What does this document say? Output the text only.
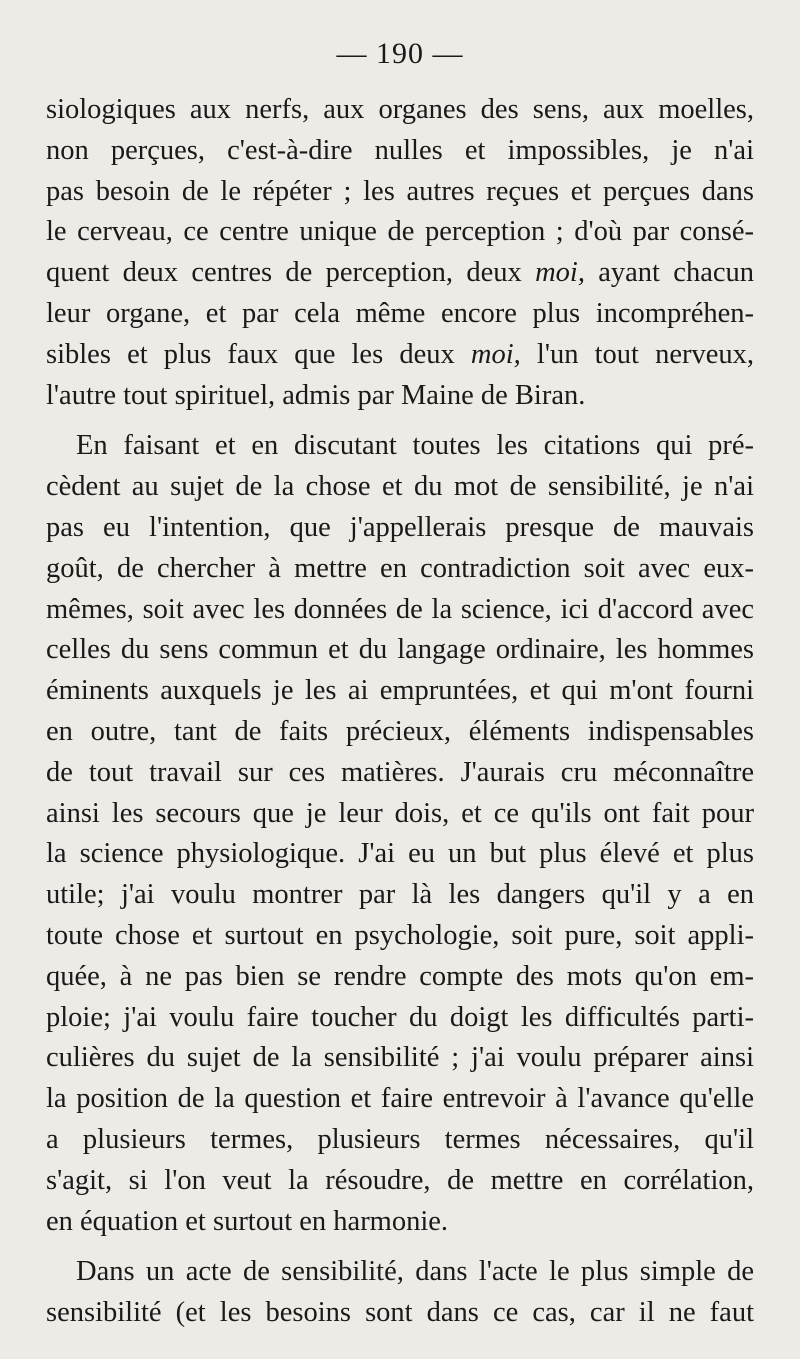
— 190 —
siologiques aux nerfs, aux organes des sens, aux moelles,
non perçues, c'est-à-dire nulles et impossibles, je n'ai
pas besoin de le répéter ; les autres reçues et perçues dans
le cerveau, ce centre unique de perception ; d'où par consé-
quent deux centres de perception, deux moi, ayant chacun
leur organe, et par cela même encore plus incompréhen-
sibles et plus faux que les deux moi, l'un tout nerveux,
l'autre tout spirituel, admis par Maine de Biran.
En faisant et en discutant toutes les citations qui pré-
cèdent au sujet de la chose et du mot de sensibilité, je n'ai
pas eu l'intention, que j'appellerais presque de mauvais
goût, de chercher à mettre en contradiction soit avec eux-
mêmes, soit avec les données de la science, ici d'accord avec
celles du sens commun et du langage ordinaire, les hommes
éminents auxquels je les ai empruntées, et qui m'ont fourni
en outre, tant de faits précieux, éléments indispensables
de tout travail sur ces matières. J'aurais cru méconnaître
ainsi les secours que je leur dois, et ce qu'ils ont fait pour
la science physiologique. J'ai eu un but plus élevé et plus
utile; j'ai voulu montrer par là les dangers qu'il y a en
toute chose et surtout en psychologie, soit pure, soit appli-
quée, à ne pas bien se rendre compte des mots qu'on em-
ploie; j'ai voulu faire toucher du doigt les difficultés parti-
culières du sujet de la sensibilité ; j'ai voulu préparer ainsi
la position de la question et faire entrevoir à l'avance qu'elle
a plusieurs termes, plusieurs termes nécessaires, qu'il
s'agit, si l'on veut la résoudre, de mettre en corrélation,
en équation et surtout en harmonie.
Dans un acte de sensibilité, dans l'acte le plus simple de
sensibilité (et les besoins sont dans ce cas, car il ne faut
